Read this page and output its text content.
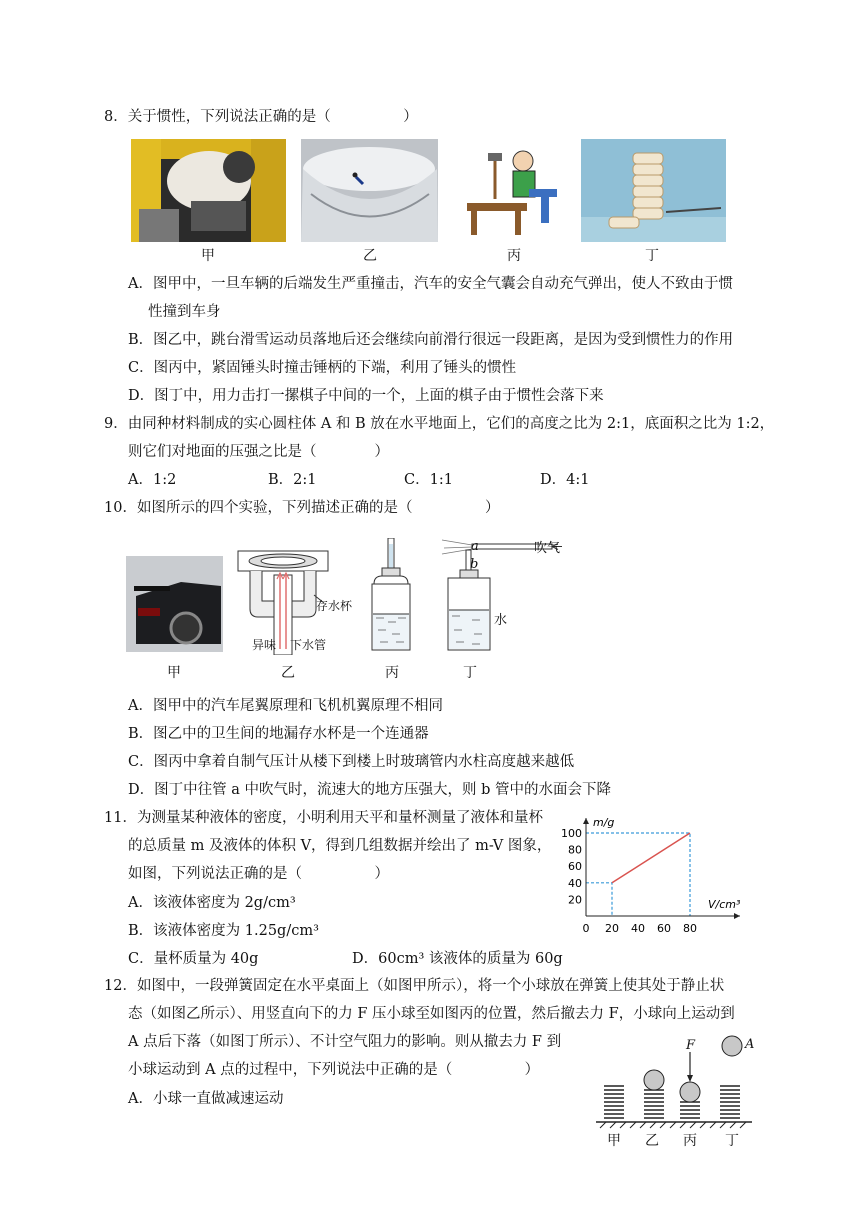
8．关于惯性，下列说法正确的是（　　　　　）
甲	乙	丙	丁
A．图甲中，一旦车辆的后端发生严重撞击，汽车的安全气囊会自动充气弹出，使人不致由于惯
性撞到车身
B．图乙中，跳台滑雪运动员落地后还会继续向前滑行很远一段距离，是因为受到惯性力的作用
C．图丙中，紧固锤头时撞击锤柄的下端，利用了锤头的惯性
D．图丁中，用力击打一摞棋子中间的一个，上面的棋子由于惯性会落下来
9．由同种材料制成的实心圆柱体 A 和 B 放在水平地面上，它们的高度之比为 2:1，底面积之比为 1:2，
则它们对地面的压强之比是（　　　　）
A．1:2	B．2:1	C．1:1	D．4:1
10．如图所示的四个实验，下列描述正确的是（　　　　　）
存水杯
异味 下水管
a
b
吹气
水
甲	乙	丙	丁
A．图甲中的汽车尾翼原理和飞机机翼原理不相同
B．图乙中的卫生间的地漏存水杯是一个连通器
C．图丙中拿着自制气压计从楼下到楼上时玻璃管内水柱高度越来越低
D．图丁中往管 a 中吹气时，流速大的地方压强大，则 b 管中的水面会下降
11．为测量某种液体的密度，小明利用天平和量杯测量了液体和量杯
的总质量 m 及液体的体积 V，得到几组数据并绘出了 m-V 图象，
如图，下列说法正确的是（　　　　　）
A．该液体密度为 2g/cm³
B．该液体密度为 1.25g/cm³
C．量杯质量为 40g	D．60cm³ 该液体的质量为 60g
0 20 40 60 80
20
40
60
80
100
m/g
V/cm³
12．如图中，一段弹簧固定在水平桌面上（如图甲所示），将一个小球放在弹簧上使其处于静止状
态（如图乙所示）、用竖直向下的力 F 压小球至如图丙的位置，然后撤去力 F，小球向上运动到
A 点后下落（如图丁所示）、不计空气阻力的影响。则从撤去力 F 到
小球运动到 A 点的过程中，下列说法中正确的是（　　　　　）
A．小球一直做减速运动
F	A
甲	乙	丙	丁
